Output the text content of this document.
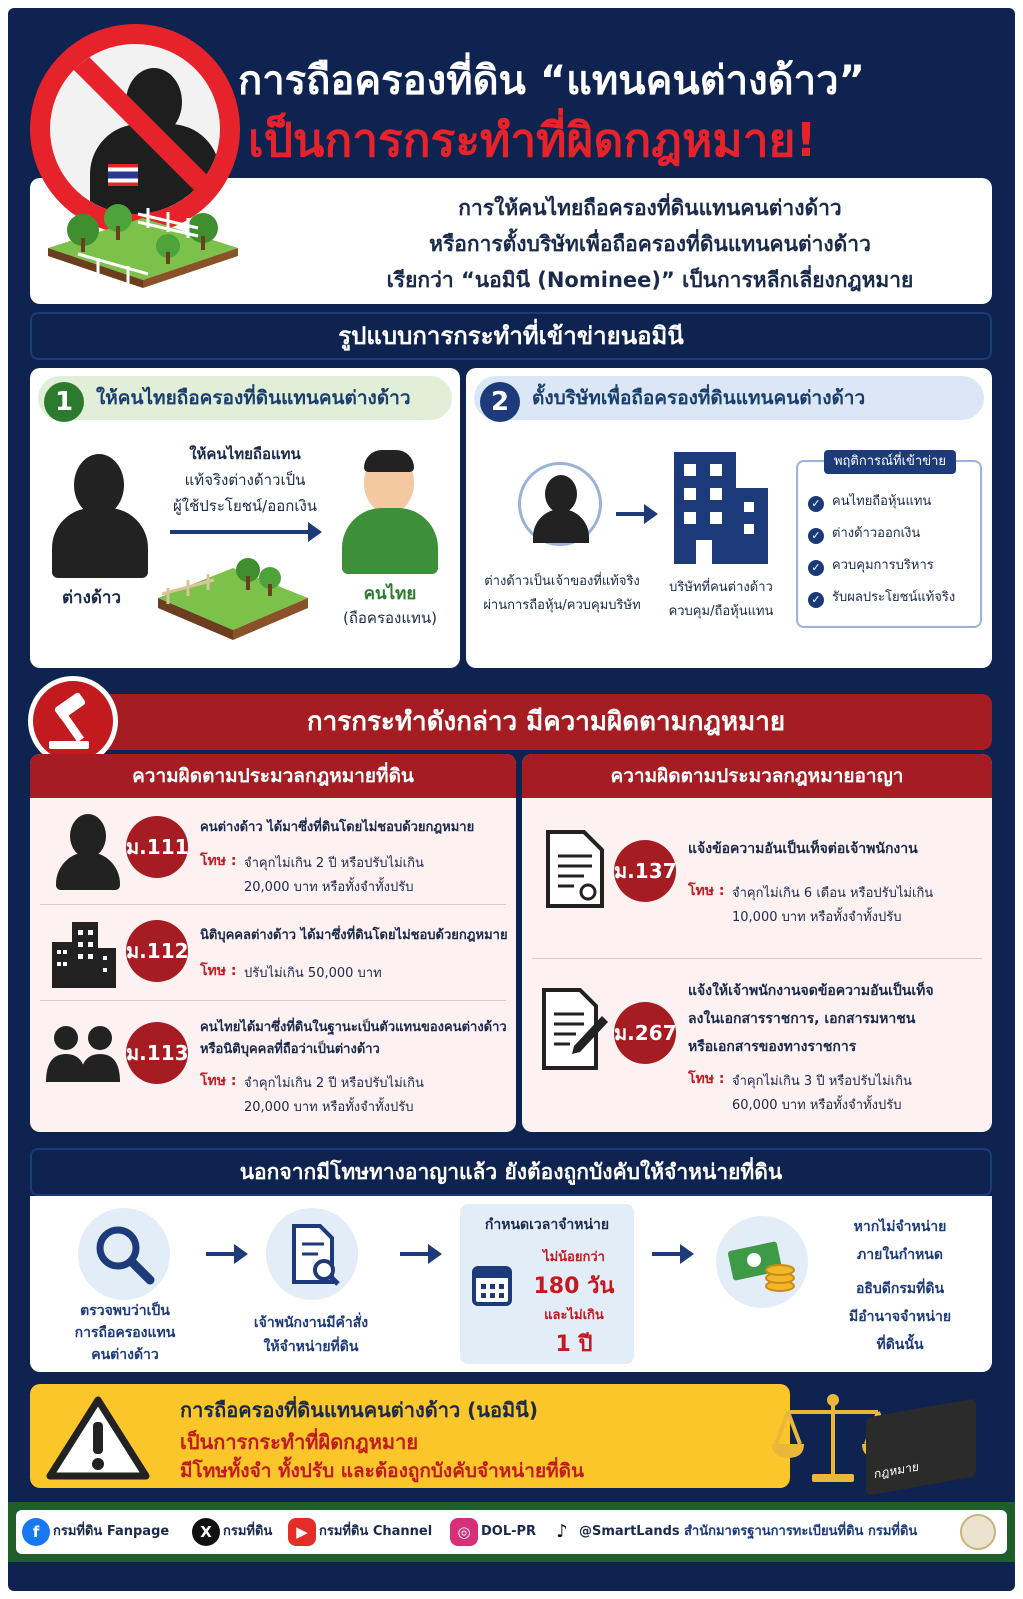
การถือครองที่ดิน “แทนคนต่างด้าว”
เป็นการกระทำที่ผิดกฎหมาย!

การให้คนไทยถือครองที่ดินแทนคนต่างด้าว

หรือการตั้งบริษัทเพื่อถือครองที่ดินแทนคนต่างด้าว

เรียกว่า “นอมินี (Nominee)” เป็นการหลีกเลี่ยงกฎหมาย

รูปแบบการกระทำที่เข้าข่ายนอมินี
1	ให้คนไทยถือครองที่ดินแทนคนต่างด้าว
ต่างด้าว
ให้คนไทยถือแทน
แท้จริงต่างด้าวเป็น
ผู้ใช้ประโยชน์/ออกเงิน
คนไทย
(ถือครองแทน)
2	ตั้งบริษัทเพื่อถือครองที่ดินแทนคนต่างด้าว
ต่างด้าวเป็นเจ้าของที่แท้จริง
ผ่านการถือหุ้น/ควบคุมบริษัท
บริษัทที่คนต่างด้าว
ควบคุม/ถือหุ้นแทน
พฤติการณ์ที่เข้าข่าย
✓ คนไทยถือหุ้นแทน
✓ ต่างด้าวออกเงิน
✓ ควบคุมการบริหาร
✓ รับผลประโยชน์แท้จริง
การกระทำดังกล่าว มีความผิดตามกฎหมาย
ความผิดตามประมวลกฎหมายที่ดิน
ม.111
คนต่างด้าว ได้มาซึ่งที่ดินโดยไม่ชอบด้วยกฎหมาย
โทษ : จำคุกไม่เกิน 2 ปี หรือปรับไม่เกิน
20,000 บาท หรือทั้งจำทั้งปรับ
ม.112
นิติบุคคลต่างด้าว ได้มาซึ่งที่ดินโดยไม่ชอบด้วยกฎหมาย
โทษ : ปรับไม่เกิน 50,000 บาท
ม.113
คนไทยได้มาซึ่งที่ดินในฐานะเป็นตัวแทนของคนต่างด้าว
หรือนิติบุคคลที่ถือว่าเป็นต่างด้าว
โทษ : จำคุกไม่เกิน 2 ปี หรือปรับไม่เกิน
20,000 บาท หรือทั้งจำทั้งปรับ
ความผิดตามประมวลกฎหมายอาญา
ม.137
แจ้งข้อความอันเป็นเท็จต่อเจ้าพนักงาน
โทษ : จำคุกไม่เกิน 6 เดือน หรือปรับไม่เกิน
10,000 บาท หรือทั้งจำทั้งปรับ
ม.267
แจ้งให้เจ้าพนักงานจดข้อความอันเป็นเท็จ
ลงในเอกสารราชการ, เอกสารมหาชน
หรือเอกสารของทางราชการ
โทษ : จำคุกไม่เกิน 3 ปี หรือปรับไม่เกิน
60,000 บาท หรือทั้งจำทั้งปรับ
นอกจากมีโทษทางอาญาแล้ว ยังต้องถูกบังคับให้จำหน่ายที่ดิน
ตรวจพบว่าเป็น
การถือครองแทน
คนต่างด้าว
เจ้าพนักงานมีคำสั่ง
ให้จำหน่ายที่ดิน
กำหนดเวลาจำหน่าย
ไม่น้อยกว่า
180 วัน
และไม่เกิน
1 ปี
หากไม่จำหน่าย
ภายในกำหนด
อธิบดีกรมที่ดิน
มีอำนาจจำหน่าย
ที่ดินนั้น
การถือครองที่ดินแทนคนต่างด้าว (นอมินี)
เป็นการกระทำที่ผิดกฎหมาย
มีโทษทั้งจำ ทั้งปรับ และต้องถูกบังคับจำหน่ายที่ดิน	กฎหมาย
f กรมที่ดิน Fanpage	X กรมที่ดิน	▶ กรมที่ดิน Channel	◎ DOL-PR	♪ @SmartLands สำนักมาตรฐานการทะเบียนที่ดิน กรมที่ดิน
